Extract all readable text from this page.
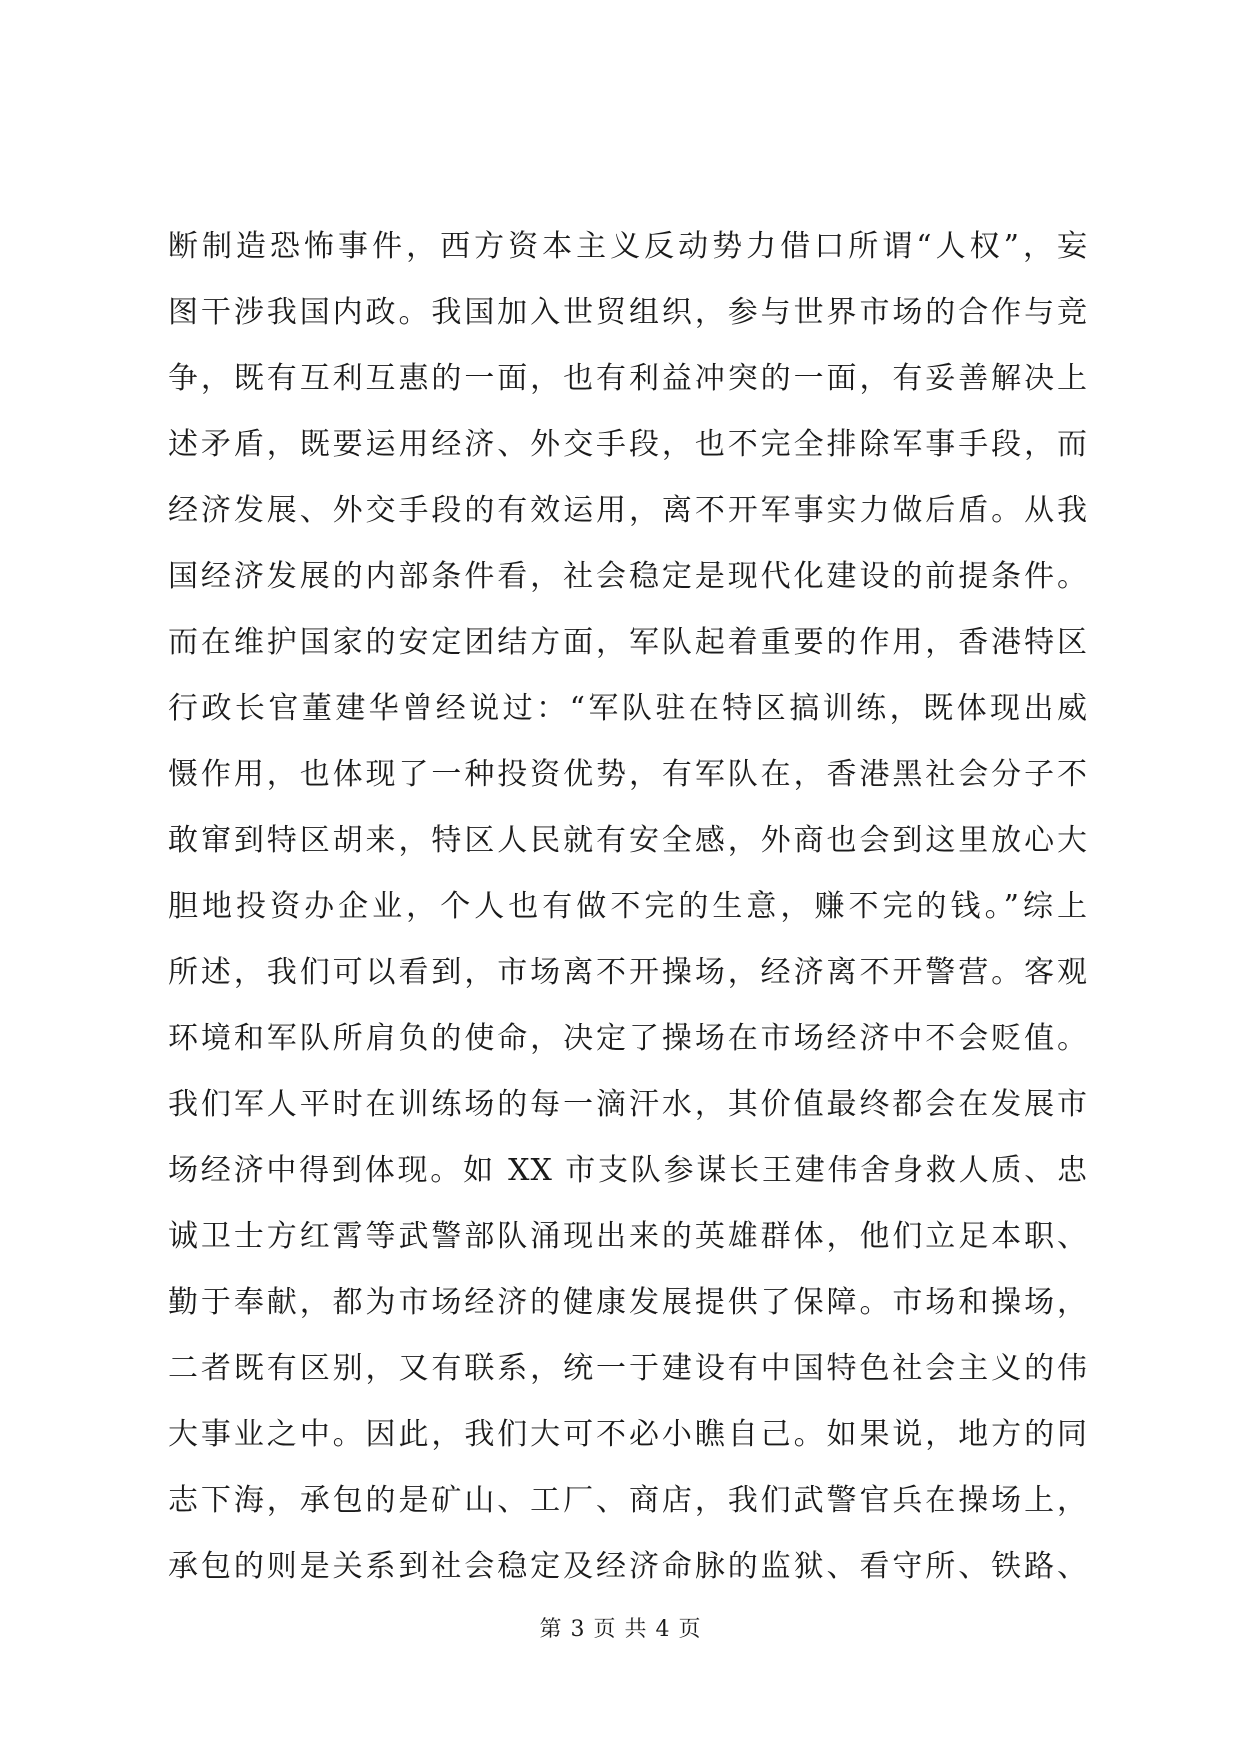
断制造恐怖事件，西方资本主义反动势力借口所谓“人权”，妄
图干涉我国内政。我国加入世贸组织，参与世界市场的合作与竞
争，既有互利互惠的一面，也有利益冲突的一面，有妥善解决上
述矛盾，既要运用经济、外交手段，也不完全排除军事手段，而
经济发展、外交手段的有效运用，离不开军事实力做后盾。从我
国经济发展的内部条件看，社会稳定是现代化建设的前提条件。
而在维护国家的安定团结方面，军队起着重要的作用，香港特区
行政长官董建华曾经说过：“军队驻在特区搞训练，既体现出威
慑作用，也体现了一种投资优势，有军队在，香港黑社会分子不
敢窜到特区胡来，特区人民就有安全感，外商也会到这里放心大
胆地投资办企业，个人也有做不完的生意，赚不完的钱。”综上
所述，我们可以看到，市场离不开操场，经济离不开警营。客观
环境和军队所肩负的使命，决定了操场在市场经济中不会贬值。
我们军人平时在训练场的每一滴汗水，其价值最终都会在发展市
场经济中得到体现。如 XX 市支队参谋长王建伟舍身救人质、忠
诚卫士方红霄等武警部队涌现出来的英雄群体，他们立足本职、
勤于奉献，都为市场经济的健康发展提供了保障。市场和操场，
二者既有区别，又有联系，统一于建设有中国特色社会主义的伟
大事业之中。因此，我们大可不必小瞧自己。如果说，地方的同
志下海，承包的是矿山、工厂、商店，我们武警官兵在操场上，
承包的则是关系到社会稳定及经济命脉的监狱、看守所、铁路、
第 3 页 共 4 页
